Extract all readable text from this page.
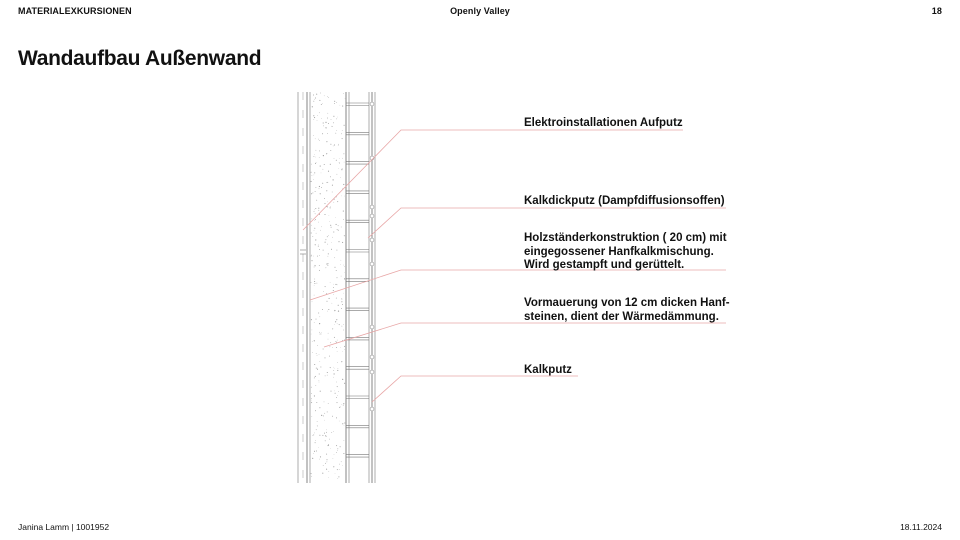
MATERIALEXKURSIONEN	Openly Valley	18
Wandaufbau Außenwand
Elektroinstallationen Aufputz
Kalkdickputz (Dampfdiffusionsoffen)
Holzständerkonstruktion ( 20 cm) mit eingegossener Hanfkalkmischung. Wird gestampft und gerüttelt.
Vormauerung von 12 cm dicken Hanf-steinen, dient der Wärmedämmung.
Kalkputz
Janina Lamm | 1001952	18.11.2024
